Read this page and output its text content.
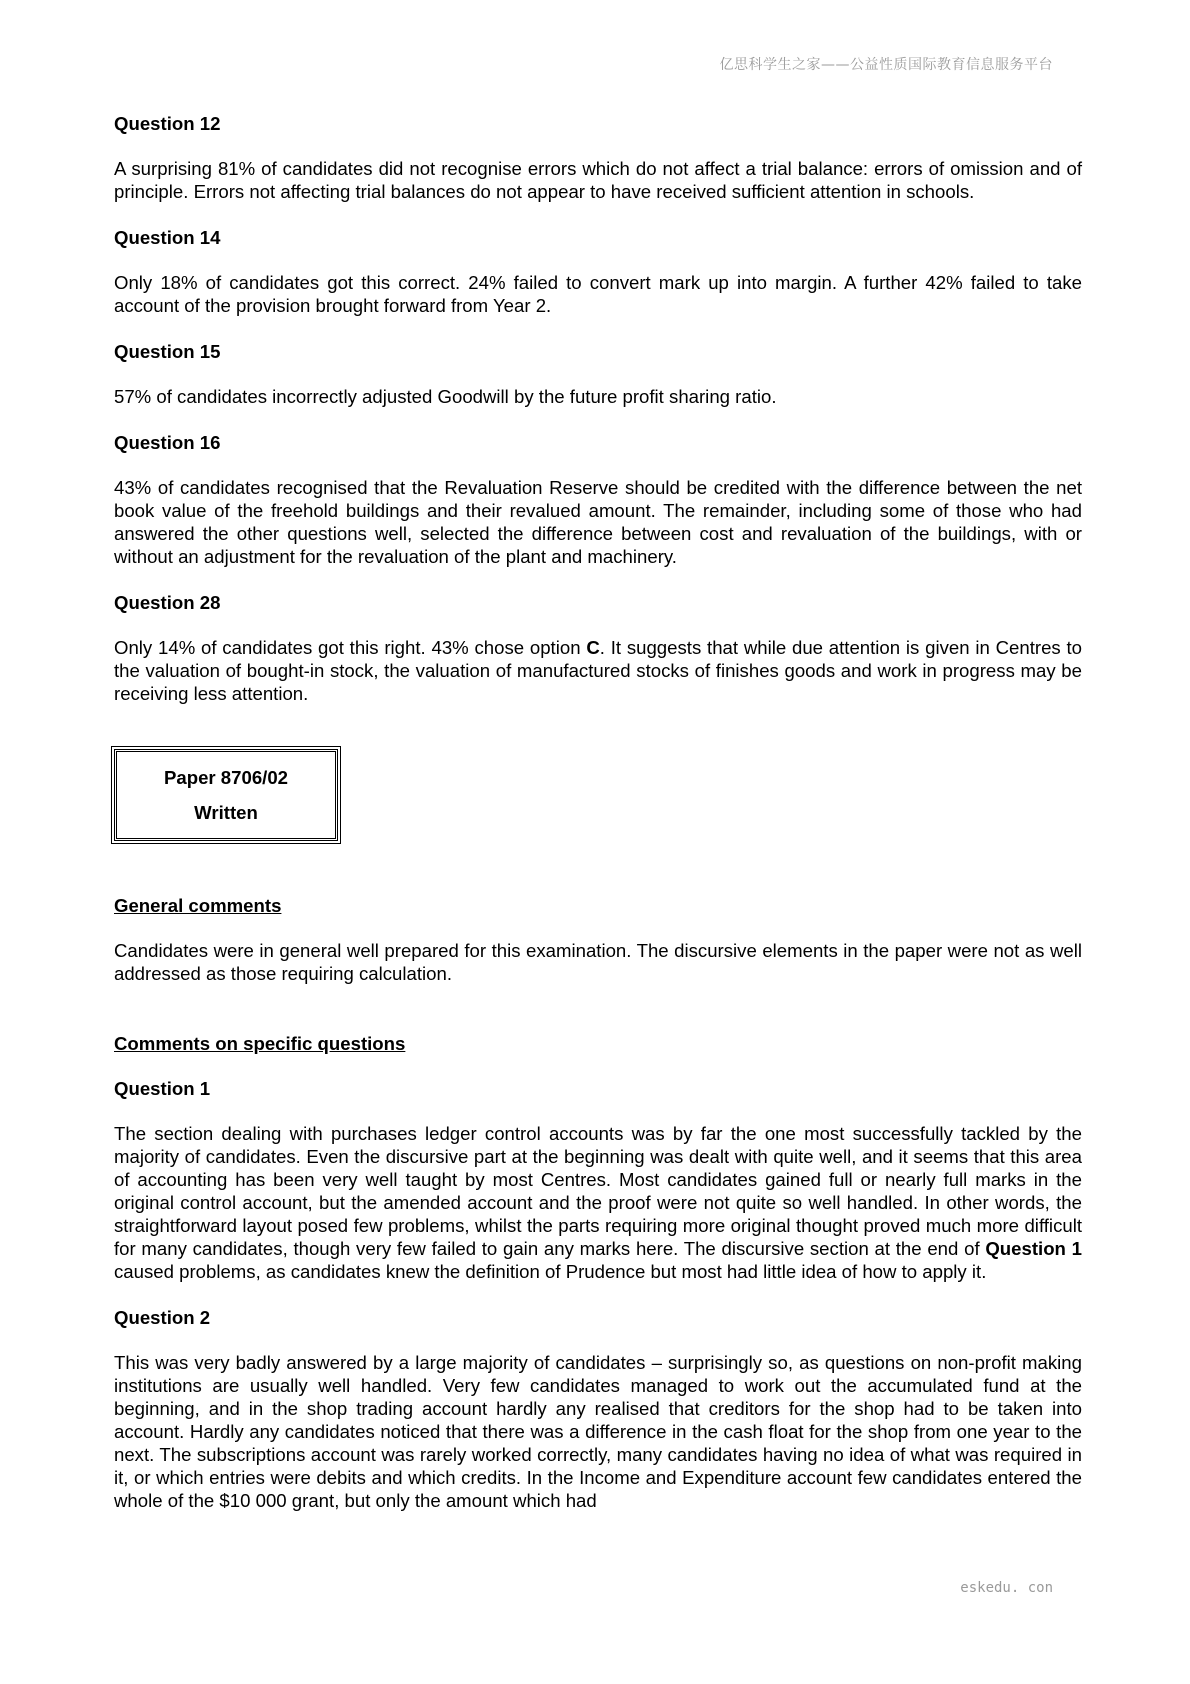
亿思科学生之家——公益性质国际教育信息服务平台
Question 12
A surprising 81% of candidates did not recognise errors which do not affect a trial balance: errors of omission and of principle. Errors not affecting trial balances do not appear to have received sufficient attention in schools.
Question 14
Only 18% of candidates got this correct. 24% failed to convert mark up into margin. A further 42% failed to take account of the provision brought forward from Year 2.
Question 15
57% of candidates incorrectly adjusted Goodwill by the future profit sharing ratio.
Question 16
43% of candidates recognised that the Revaluation Reserve should be credited with the difference between the net book value of the freehold buildings and their revalued amount. The remainder, including some of those who had answered the other questions well, selected the difference between cost and revaluation of the buildings, with or without an adjustment for the revaluation of the plant and machinery.
Question 28
Only 14% of candidates got this right. 43% chose option C. It suggests that while due attention is given in Centres to the valuation of bought-in stock, the valuation of manufactured stocks of finishes goods and work in progress may be receiving less attention.
Paper 8706/02
Written
General comments
Candidates were in general well prepared for this examination. The discursive elements in the paper were not as well addressed as those requiring calculation.
Comments on specific questions
Question 1
The section dealing with purchases ledger control accounts was by far the one most successfully tackled by the majority of candidates. Even the discursive part at the beginning was dealt with quite well, and it seems that this area of accounting has been very well taught by most Centres. Most candidates gained full or nearly full marks in the original control account, but the amended account and the proof were not quite so well handled. In other words, the straightforward layout posed few problems, whilst the parts requiring more original thought proved much more difficult for many candidates, though very few failed to gain any marks here. The discursive section at the end of Question 1 caused problems, as candidates knew the definition of Prudence but most had little idea of how to apply it.
Question 2
This was very badly answered by a large majority of candidates – surprisingly so, as questions on non-profit making institutions are usually well handled. Very few candidates managed to work out the accumulated fund at the beginning, and in the shop trading account hardly any realised that creditors for the shop had to be taken into account. Hardly any candidates noticed that there was a difference in the cash float for the shop from one year to the next. The subscriptions account was rarely worked correctly, many candidates having no idea of what was required in it, or which entries were debits and which credits. In the Income and Expenditure account few candidates entered the whole of the $10 000 grant, but only the amount which had
eskedu. con
